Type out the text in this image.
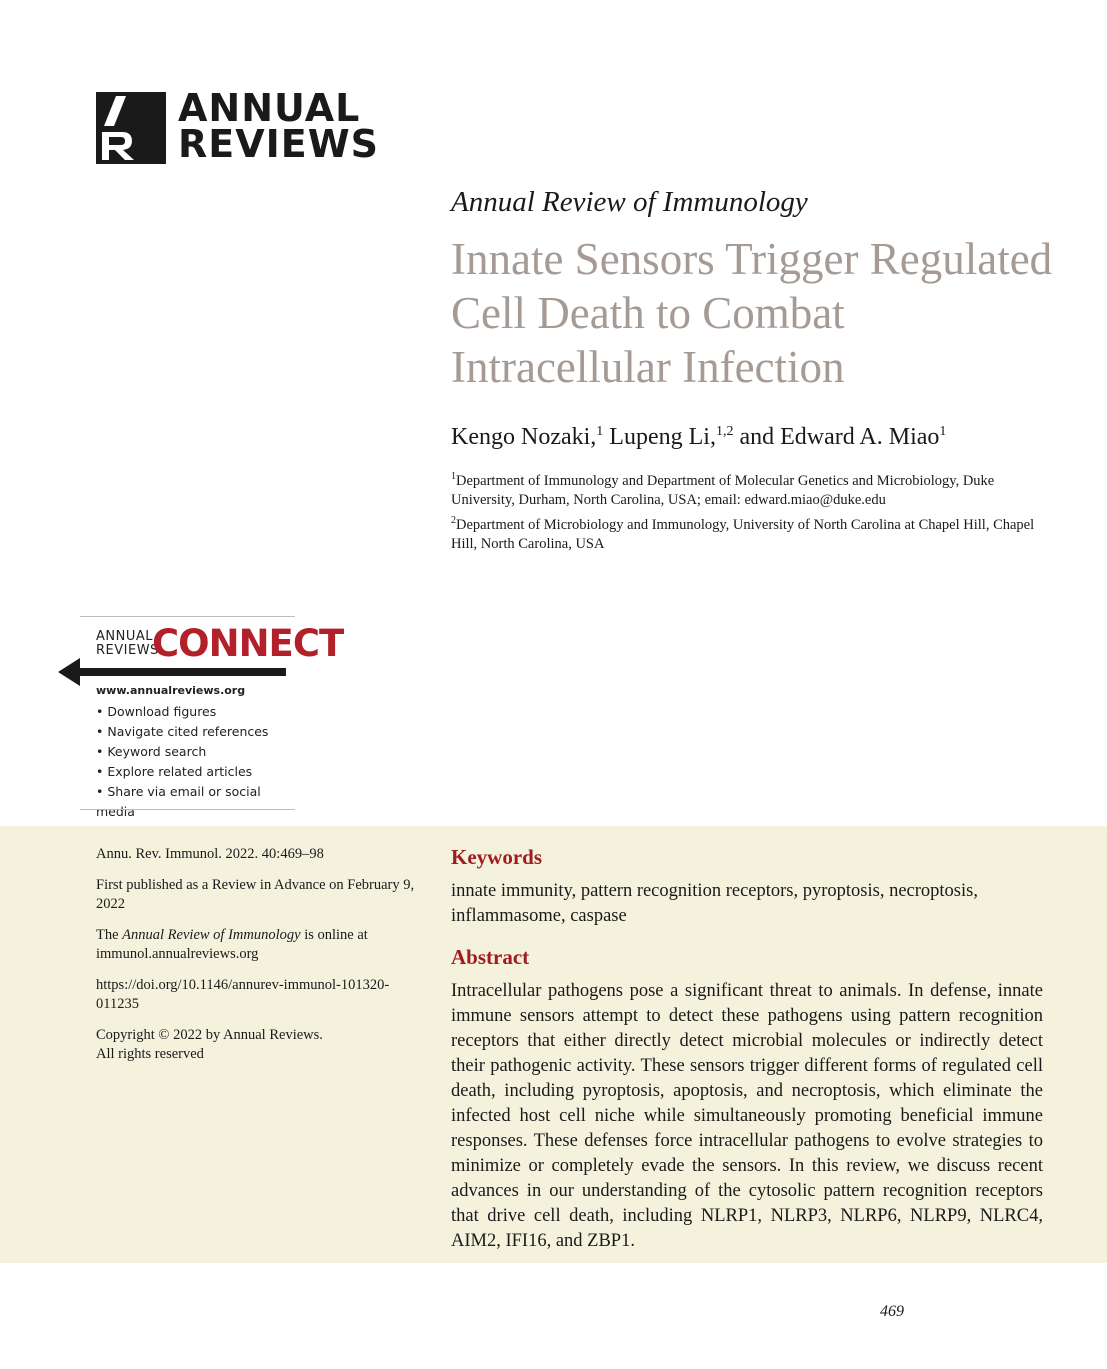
ANNUAL
REVIEWS
Annual Review of Immunology
Innate Sensors Trigger Regulated Cell Death to Combat Intracellular Infection
Kengo Nozaki,$^1$ Lupeng Li,$^{1,2}$ and Edward A. Miao$^1$
$^1$Department of Immunology and Department of Molecular Genetics and Microbiology, Duke University, Durham, North Carolina, USA; email: edward.miao@duke.edu
$^2$Department of Microbiology and Immunology, University of North Carolina at Chapel Hill, Chapel Hill, North Carolina, USA
ANNUAL
REVIEWS
CONNECT
www.annualreviews.org
• Download figures
• Navigate cited references
• Keyword search
• Explore related articles
• Share via email or social media

Annu. Rev. Immunol. 2022. 40:469–98

First published as a Review in Advance on February 9, 2022

The Annual Review of Immunology is online at immunol.annualreviews.org

https://doi.org/10.1146/annurev-immunol-101320-011235

Copyright © 2022 by Annual Reviews.
All rights reserved

Keywords
innate immunity, pattern recognition receptors, pyroptosis, necroptosis, inflammasome, caspase
Abstract
Intracellular pathogens pose a significant threat to animals. In defense, innate immune sensors attempt to detect these pathogens using pattern recognition receptors that either directly detect microbial molecules or indirectly detect their pathogenic activity. These sensors trigger different forms of regulated cell death, including pyroptosis, apoptosis, and necroptosis, which eliminate the infected host cell niche while simultaneously promoting beneficial immune responses. These defenses force intracellular pathogens to evolve strategies to minimize or completely evade the sensors. In this review, we discuss recent advances in our understanding of the cytosolic pattern recognition receptors that drive cell death, including NLRP1, NLRP3, NLRP6, NLRP9, NLRC4, AIM2, IFI16, and ZBP1.
469
